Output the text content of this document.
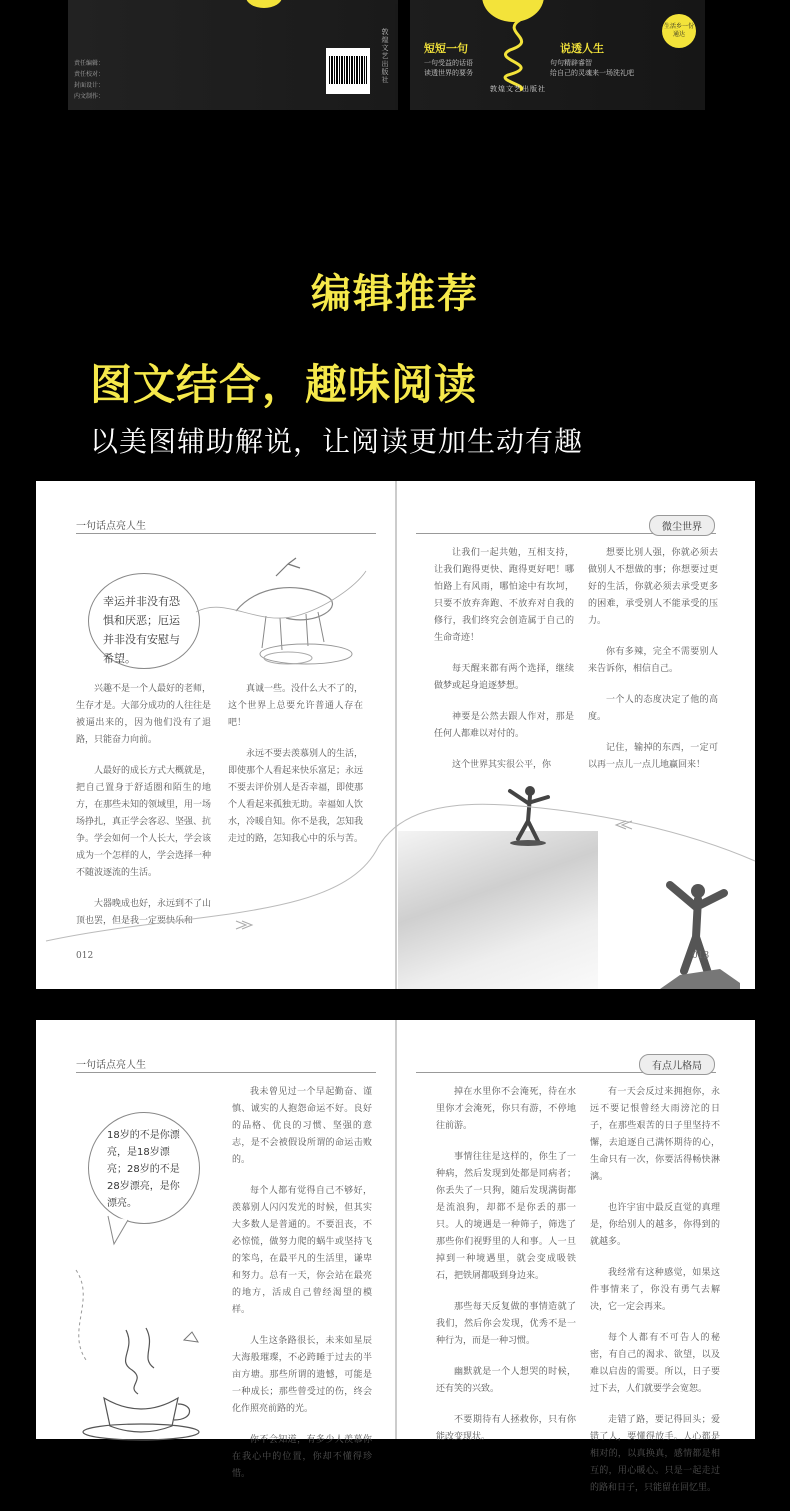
责任编辑：
责任校对：
封面设计：
内文制作：
敦煌文艺出版社	短短一句
一句受益的话语
读透世界的要务
说透人生
句句精辟睿智
给自己的灵魂来一场洗礼吧
生活乡一份通达
敦煌文艺出版社
编辑推荐
图文结合，趣味阅读
以美图辅助解说，让阅读更加生动有趣
一句话点亮人生	微尘世界
幸运并非没有恐惧和厌恶；厄运并非没有安慰与希望。

兴趣不是一个人最好的老师，生存才是。大部分成功的人往往是被逼出来的，因为他们没有了退路，只能奋力向前。

人最好的成长方式大概就是，把自己置身于舒适圈和陌生的地方，在那些未知的领域里，用一场场挣扎，真正学会客忍、坚强、抗争。学会如何一个人长大，学会该成为一个怎样的人，学会选择一种不随波逐流的生活。

大器晚成也好，永远到不了山顶也罢，但是我一定要快乐和

真诚一些。没什么大不了的，这个世界上总要允许普通人存在吧！

永远不要去羡慕别人的生活，即使那个人看起来快乐富足；永远不要去评价别人是否幸福，即使那个人看起来孤独无助。幸福如人饮水，冷暖自知。你不是我，怎知我走过的路，怎知我心中的乐与苦。

让我们一起共勉，互相支持，让我们跑得更快、跑得更好吧！哪怕路上有风雨，哪怕途中有坎坷，只要不放弃奔跑、不放弃对自我的修行，我们终究会创造属于自己的生命奇迹！

每天醒来都有两个选择，继续做梦或起身追逐梦想。

神要是公然去跟人作对，那是任何人都难以对付的。

这个世界其实很公平，你

想要比别人强，你就必须去做别人不想做的事；你想要过更好的生活，你就必须去承受更多的困难，承受别人不能承受的压力。

你有多辣，完全不需要别人来告诉你，相信自己。

一个人的态度决定了他的高度。

记住，输掉的东西，一定可以再一点儿一点儿地赢回来！

012	013
一句话点亮人生	有点儿格局
18岁的不是你漂亮，是18岁漂亮；28岁的不是28岁漂亮，是你漂亮。

我未曾见过一个早起勤奋、谨慎、诚实的人抱怨命运不好。良好的品格、优良的习惯、坚强的意志，是不会被假设所谓的命运击败的。

每个人都有觉得自己不够好，羡慕别人闪闪发光的时候，但其实大多数人是普通的。不要沮丧，不必惊慌，做努力爬的蜗牛或坚持飞的笨鸟，在最平凡的生活里，谦卑和努力。总有一天，你会站在最亮的地方，活成自己曾经渴望的模样。

人生这条路很长，未来如星辰大海般璀璨，不必跨睡于过去的半亩方塘。那些所谓的遗憾，可能是一种成长；那些曾受过的伤，终会化作照亮前路的光。

你不会知道，有多少人羡慕你在我心中的位置，你却不懂得珍惜。

掉在水里你不会淹死，待在水里你才会淹死，你只有游，不停地往前游。

事情往往是这样的，你生了一种病，然后发现到处都是同病者；你丢失了一只狗，随后发现满街都是流浪狗，却都不是你丢的那一只。人的境遇是一种筛子，筛选了那些你们视野里的人和事。人一旦掉到一种境遇里，就会变成吸铁石，把铁屑都吸到身边来。

那些每天反复做的事情造就了我们，然后你会发现，优秀不是一种行为，而是一种习惯。

幽默就是一个人想哭的时候，还有笑的兴致。

不要期待有人拯救你，只有你能改变现状。

有一天会反过来拥抱你，永远不要记恨曾经大雨滂沱的日子，在那些艰苦的日子里坚持不懈，去追逐自己满怀期待的心，生命只有一次，你要活得畅快淋漓。

也许宇宙中最反直觉的真理是，你给别人的越多，你得到的就越多。

我经常有这种感觉，如果这件事情来了，你没有勇气去解决，它一定会再来。

每个人都有不可告人的秘密，有自己的渴求、欲望，以及难以启齿的需要。所以，日子要过下去，人们就要学会宽恕。

走错了路，要记得回头；爱错了人，要懂得放手。人心都是相对的，以真换真，感情都是相互的，用心暖心。只是一起走过的路和日子，只能留在回忆里。
